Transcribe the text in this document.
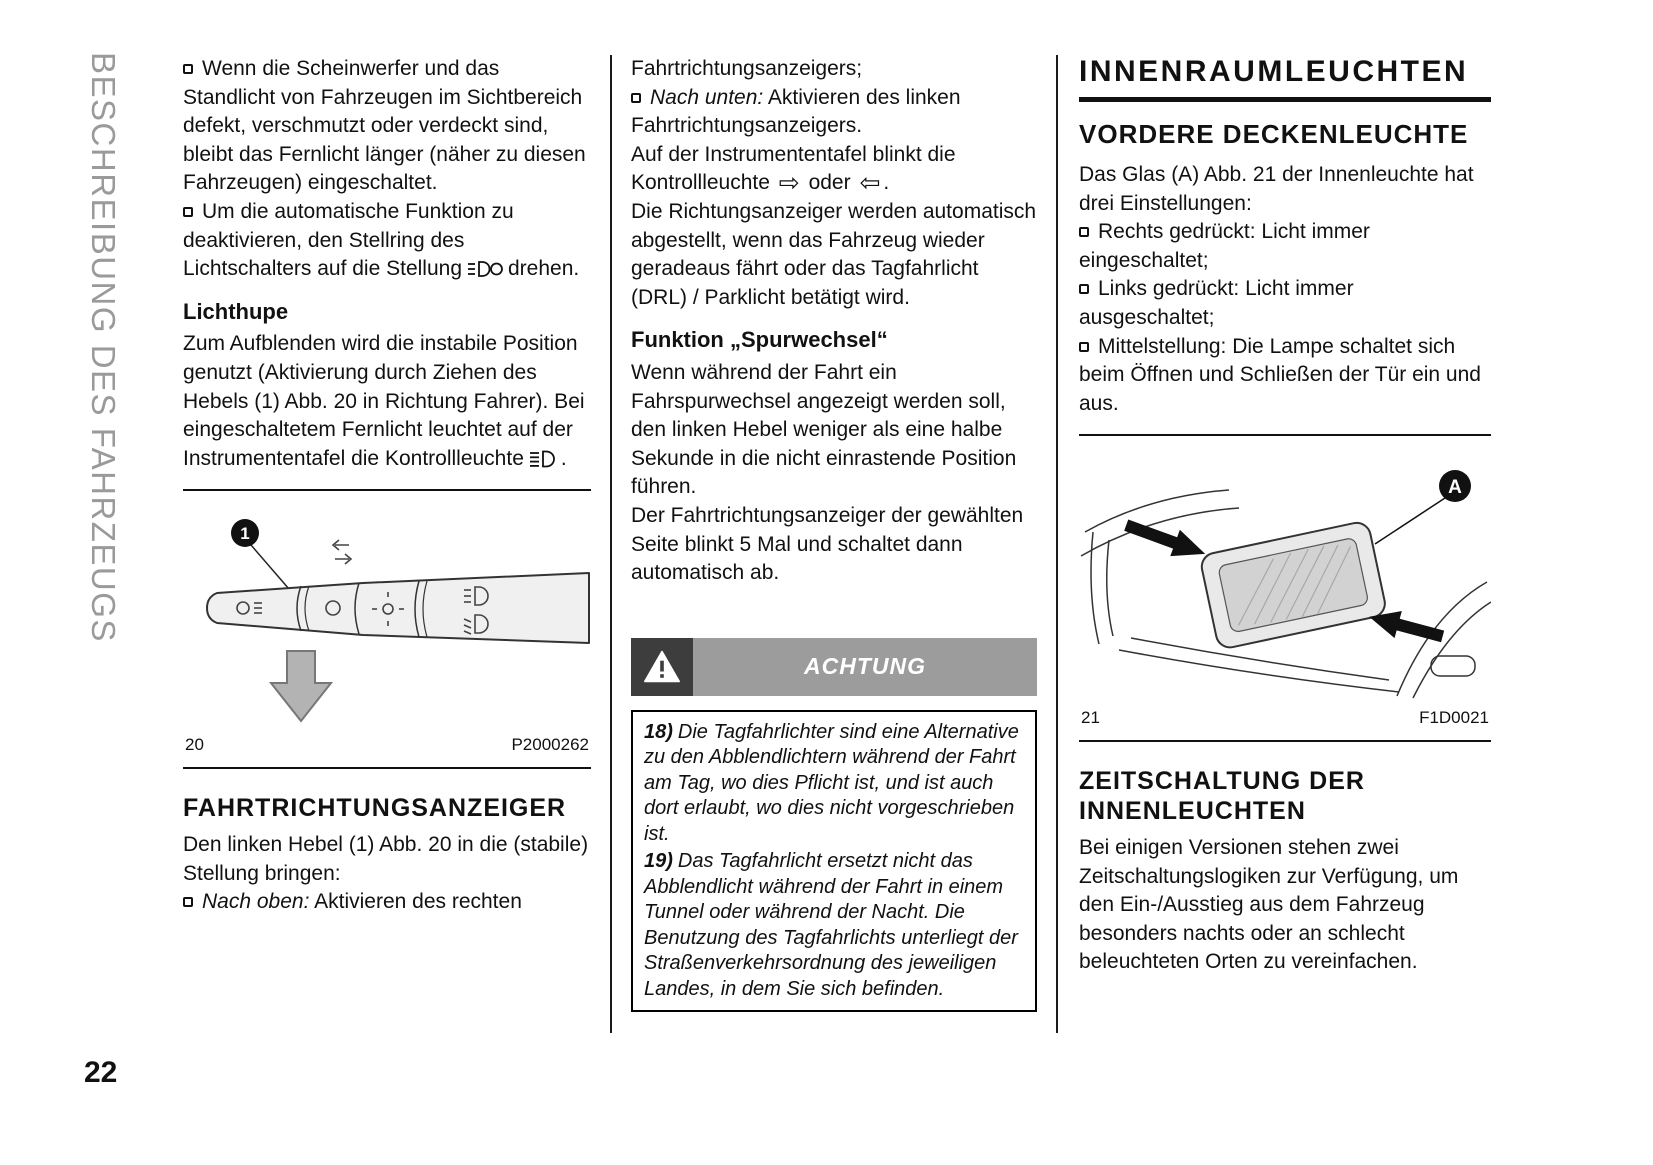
BESCHREIBUNG DES FAHRZEUGS
22

Wenn die Scheinwerfer und das Standlicht von Fahrzeugen im Sichtbereich defekt, verschmutzt oder verdeckt sind, bleibt das Fernlicht länger (näher zu diesen Fahrzeugen) eingeschaltet.

Um die automatische Funktion zu deaktivieren, den Stellring des Lichtschalters auf die Stellung drehen.

Lichthupe

Zum Aufblenden wird die instabile Position genutzt (Aktivierung durch Ziehen des Hebels (1) Abb. 20 in Richtung Fahrer). Bei eingeschaltetem Fernlicht leuchtet auf der Instrumententafel die Kontrollleuchte .

1
20	P2000262
FAHRTRICHTUNGSANZEIGER

Den linken Hebel (1) Abb. 20 in die (stabile) Stellung bringen:

Nach oben: Aktivieren des rechten

Fahrtrichtungsanzeigers;

Nach unten: Aktivieren des linken Fahrtrichtungsanzeigers.

Auf der Instrumententafel blinkt die Kontrollleuchte ⇨ oder ⇦ .

Die Richtungsanzeiger werden automatisch abgestellt, wenn das Fahrzeug wieder geradeaus fährt oder das Tagfahrlicht (DRL) / Parklicht betätigt wird.

Funktion „Spurwechsel“

Wenn während der Fahrt ein Fahrspurwechsel angezeigt werden soll, den linken Hebel weniger als eine halbe Sekunde in die nicht einrastende Position führen.

Der Fahrtrichtungsanzeiger der gewählten Seite blinkt 5 Mal und schaltet dann automatisch ab.

ACHTUNG

18) Die Tagfahrlichter sind eine Alternative zu den Abblendlichtern während der Fahrt am Tag, wo dies Pflicht ist, und ist auch dort erlaubt, wo dies nicht vorgeschrieben ist.

19) Das Tagfahrlicht ersetzt nicht das Abblendlicht während der Fahrt in einem Tunnel oder während der Nacht. Die Benutzung des Tagfahrlichts unterliegt der Straßenverkehrsordnung des jeweiligen Landes, in dem Sie sich befinden.

INNENRAUMLEUCHTEN
VORDERE DECKENLEUCHTE

Das Glas (A) Abb. 21 der Innenleuchte hat drei Einstellungen:

Rechts gedrückt: Licht immer eingeschaltet;

Links gedrückt: Licht immer ausgeschaltet;

Mittelstellung: Die Lampe schaltet sich beim Öffnen und Schließen der Tür ein und aus.

A
21	F1D0021
ZEITSCHALTUNG DER INNENLEUCHTEN

Bei einigen Versionen stehen zwei Zeitschaltungslogiken zur Verfügung, um den Ein-/Ausstieg aus dem Fahrzeug besonders nachts oder an schlecht beleuchteten Orten zu vereinfachen.
